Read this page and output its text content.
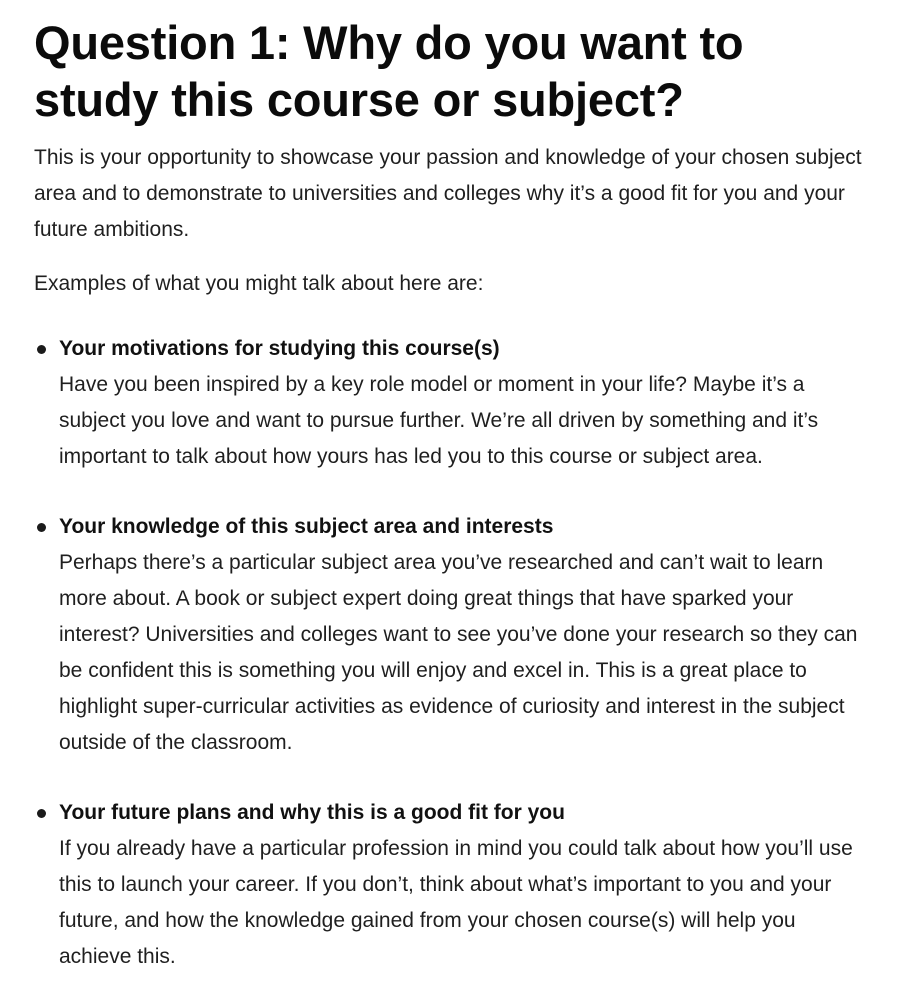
Question 1: Why do you want to study this course or subject?

This is your opportunity to showcase your passion and knowledge of your chosen subject area and to demonstrate to universities and colleges why it’s a good fit for you and your future ambitions.

Examples of what you might talk about here are:

Your motivations for studying this course(s)
Have you been inspired by a key role model or moment in your life? Maybe it’s a subject you love and want to pursue further. We’re all driven by something and it’s important to talk about how yours has led you to this course or subject area.
Your knowledge of this subject area and interests
Perhaps there’s a particular subject area you’ve researched and can’t wait to learn more about. A book or subject expert doing great things that have sparked your interest? Universities and colleges want to see you’ve done your research so they can be confident this is something you will enjoy and excel in. This is a great place to highlight super-curricular activities as evidence of curiosity and interest in the subject outside of the classroom.
Your future plans and why this is a good fit for you
If you already have a particular profession in mind you could talk about how you’ll use this to launch your career. If you don’t, think about what’s important to you and your future, and how the knowledge gained from your chosen course(s) will help you achieve this.
